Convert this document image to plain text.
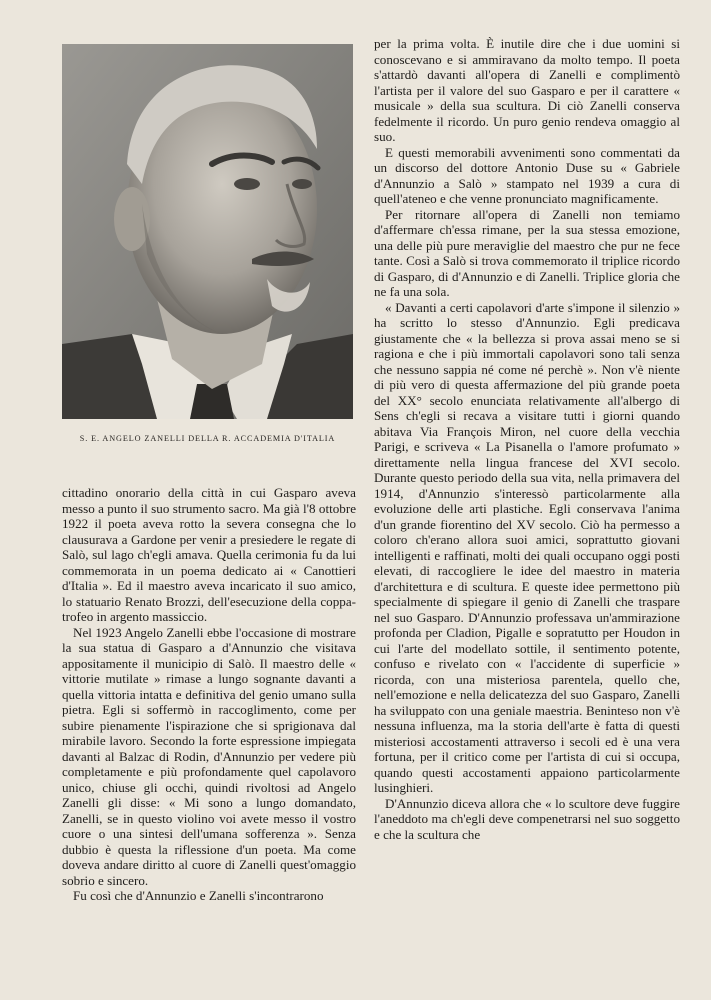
S. E. ANGELO ZANELLI DELLA R. ACCADEMIA D'ITALIA

cittadino onorario della città in cui Gasparo aveva messo a punto il suo strumento sacro. Ma già l'8 ottobre 1922 il poeta aveva rotto la severa consegna che lo clausurava a Gardone per venir a presiedere le regate di Salò, sul lago ch'egli amava. Quella cerimonia fu da lui commemorata in un poema dedicato ai « Canottieri d'Italia ». Ed il maestro aveva incaricato il suo amico, lo statuario Renato Brozzi, dell'esecuzione della coppa-trofeo in argento massiccio.

Nel 1923 Angelo Zanelli ebbe l'occasione di mostrare la sua statua di Gasparo a d'Annunzio che visitava appositamente il municipio di Salò. Il maestro delle « vittorie mutilate » rimase a lungo sognante davanti a quella vittoria intatta e definitiva del genio umano sulla pietra. Egli si soffermò in raccoglimento, come per subire pienamente l'ispirazione che si sprigionava dal mirabile lavoro. Secondo la forte espressione impiegata davanti al Balzac di Rodin, d'Annunzio per vedere più completamente e più profondamente quel capolavoro unico, chiuse gli occhi, quindi rivoltosi ad Angelo Zanelli gli disse: « Mi sono a lungo domandato, Zanelli, se in questo violino voi avete messo il vostro cuore o una sintesi dell'umana sofferenza ». Senza dubbio è questa la riflessione d'un poeta. Ma come doveva andare diritto al cuore di Zanelli quest'omaggio sobrio e sincero.

Fu così che d'Annunzio e Zanelli s'incontrarono

per la prima volta. È inutile dire che i due uomini si conoscevano e si ammiravano da molto tempo. Il poeta s'attardò davanti all'opera di Zanelli e complimentò l'artista per il valore del suo Gasparo e per il carattere « musicale » della sua scultura. Di ciò Zanelli conserva fedelmente il ricordo. Un puro genio rendeva omaggio al suo.

E questi memorabili avvenimenti sono commentati da un discorso del dottore Antonio Duse su « Gabriele d'Annunzio a Salò » stampato nel 1939 a cura di quell'ateneo e che venne pronunciato magnificamente.

Per ritornare all'opera di Zanelli non temiamo d'affermare ch'essa rimane, per la sua stessa emozione, una delle più pure meraviglie del maestro che pur ne fece tante. Così a Salò si trova commemorato il triplice ricordo di Gasparo, di d'Annunzio e di Zanelli. Triplice gloria che ne fa una sola.

« Davanti a certi capolavori d'arte s'impone il silenzio » ha scritto lo stesso d'Annunzio. Egli predicava giustamente che « la bellezza si prova assai meno se si ragiona e che i più immortali capolavori sono tali senza che nessuno sappia né come né perchè ». Non v'è niente di più vero di questa affermazione del più grande poeta del XX° secolo enunciata relativamente all'albergo di Sens ch'egli si recava a visitare tutti i giorni quando abitava Via François Miron, nel cuore della vecchia Parigi, e scriveva « La Pisanella o l'amore profumato » direttamente nella lingua francese del XVI secolo. Durante questo periodo della sua vita, nella primavera del 1914, d'Annunzio s'interessò particolarmente alla evoluzione delle arti plastiche. Egli conservava l'anima d'un grande fiorentino del XV secolo. Ciò ha permesso a coloro ch'erano allora suoi amici, soprattutto giovani intelligenti e raffinati, molti dei quali occupano oggi posti elevati, di raccogliere le idee del maestro in materia d'architettura e di scultura. E queste idee permettono più specialmente di spiegare il genio di Zanelli che traspare nel suo Gasparo. D'Annunzio professava un'ammirazione profonda per Cladion, Pigalle e sopratutto per Houdon in cui l'arte del modellato sottile, il sentimento potente, confuso e rivelato con « l'accidente di superficie » ricorda, con una misteriosa parentela, quello che, nell'emozione e nella delicatezza del suo Gasparo, Zanelli ha sviluppato con una geniale maestria. Beninteso non v'è nessuna influenza, ma la storia dell'arte è fatta di questi misteriosi accostamenti attraverso i secoli ed è una vera fortuna, per il critico come per l'artista di cui si occupa, quando questi accostamenti appaiono particolarmente lusinghieri.

D'Annunzio diceva allora che « lo scultore deve fuggire l'aneddoto ma ch'egli deve compenetrarsi nel suo soggetto e che la scultura che
